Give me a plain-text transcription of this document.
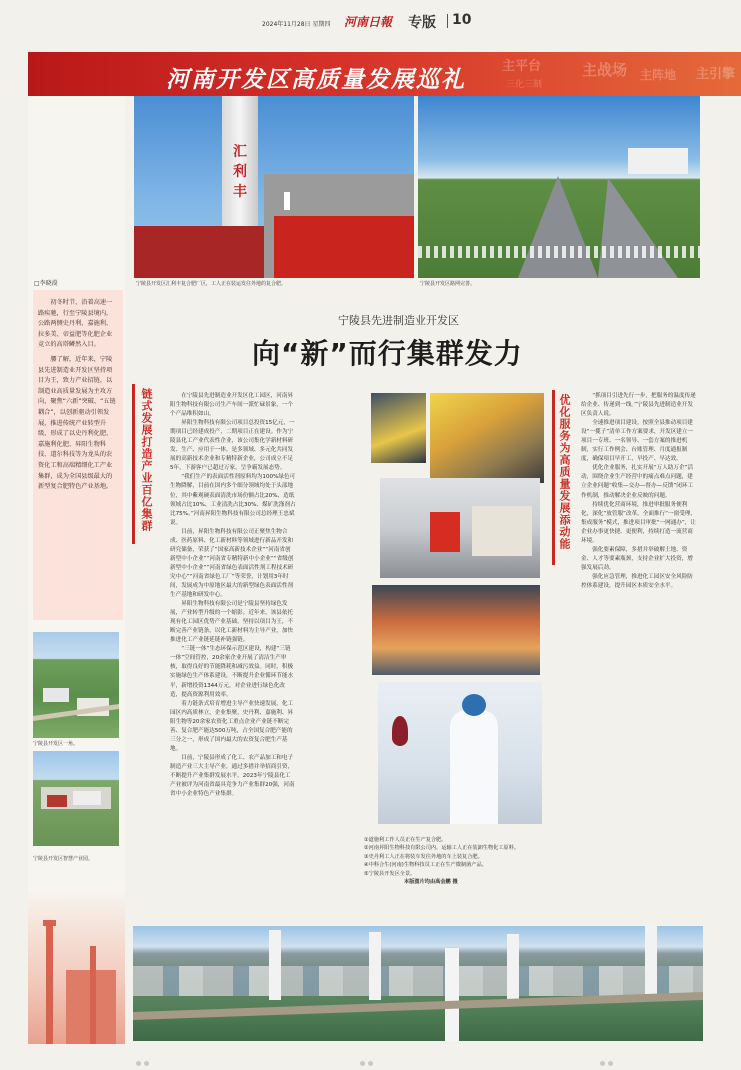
2024年11月28日 星期四 河南日報 专版 10
主平台	主战场 主阵地 主引擎
三化三制
河南开发区高质量发展巡礼
□李晓漠

初冬时节，沿着高速一路疾驰，行至宁陵县境内，公路两侧史丹利、嘉施利、拉多美、帝益肥等化肥企业竞立的高塔鳞然入目。

腰了解，近年来，宁陵县先进制造业开发区坚持项目为王，致力产业招链，以制造业高质量发展为主攻方向，聚焦“六新”突破、“五链耦合”，以创新驱动引领发展，推进传统产业转型升级，形成了以史丹利化肥、嘉施利化肥、昇阳生物科技、道尔科技等为龙头的农资化工和高端精细化工产业集群，成为全国县级最大的新型复合肥特色产业基地。

宁陵县开发区一角。
宁陵县开发区智慧产业园。
汇利丰
宁陵县开发区汇利丰复合肥厂区，工人正在装运发往外地的复合肥。	宁陵县开发区路网完善。
宁陵县先进制造业开发区
向“新”而行集群发力
链式发展打造产业百亿集群	在宁陵县先进制造业开发区化工园区，河南昇阳生物科技有限公司生产车间一派忙碌景象，一个个产品堆积如山。

昇阳生物科技有限公司项目总投资15亿元，一期项目已经建成投产，二期项目正在建设。作为宁陵县化工产业代表性企业，该公司集化学新材料研发、生产、应用于一体，是多领域、多元化共同发展的高新技术企业和专精特新企业，公司成立不足5年，下游客户已超过万家，呈争霸发展态势。

“我们生产的表面活性剂原料均为100%绿色可生物降解，目前在国内多个细分领域均处于头部地位，其中紫观硬表面清洗市场份额占比20%、造纸领域占比10%、工业清洗占比30%、煤矿洗涤剂占比75%。”河南昇阳生物科技有限公司总经理王忠斌说。

目前，昇阳生物科技有限公司正聚焦生物合成、医药原料、化工新材料等领域进行新品开发和研究储备，荣获了“国家高新技术企业”“河南省创新型中小企业”“河南省专精特新中小企业”“省级创新型中小企业”“河南省绿色表面活性剂工程技术研究中心”“河南省绿色工厂”等荣誉，计划用3年时间，发展成为中原地区最大的新型绿色表面活性剂生产基地和研发中心。

昇阳生物科技有限公司是宁陵县坚持绿色发展，产业转型升级的一个缩影。近年来，该县依托现有化工园区优势产业基础，坚持以项目为王，不断完善产业链条，以化工新材料为主导产业，加快推进化工产业链延链补链强链。

“三链一体”生态环保示范区建设，构建“三链一体”空间管控，20余家企业开展了清洁生产审核，取得良好的节能降耗和减污效益。同时，积极实施绿色生产体系建设，不断提升企业循环节能水平，新增投资1344万元，对企业进行绿色化改造，提高资源利用效率。

着力链条式培育增进主导产业快速发展，化工园区内高质林立，企业集聚，史丹利、嘉施利、昇阳生物等20余家农资化工重点企业产业链不断完善、复合肥产能达500万吨，占全国复合肥产能的三分之一，形成了国内最大的农资复合肥生产基地。

目前，宁陵县形成了化工、农产品加工和电子制造产业三大主导产业，通过多措并举招商引资，不断提升产业集群发展水平，2023年宁陵县化工产业被评为河南省最具竞争力产业集群20强，河南省中小企业特色产业集群。

①道施利工作人员正在生产复合肥。
②河南昇阳生物科技有限公司内，运输工人正在装卸生物化工原料。
③史丹利工人正在将装车发往外地的车上装复合肥。
④中科合生(河南)生物科技员工正在生产微制菌产品。
⑤宁陵县开发区全景。
本版图片均由高会鹏 摄
优化服务为高质量发展添动能	“抓项目引进先行一步，把服务的温度传递给企业、传递到一线。”宁陵县先进制造业开发区负责人说。

全速推进项目建设。按照全县推动项目建设“一揽子”清单工作方案要求，开发区建立一项目一专班、一名领导、一套方案的推进机制，实行工作例会、台账管理、月度通报制度，确保项目早开工、早投产、早达效。

优化企业服务，扎实开展“万人助万企”活动，围绕企业生产经营中的痛点难点问题，建立企业问题“收集—交办—督办—反馈”闭环工作机制，推动解决企业反映的问题。

持续优化营商环境，推进审批服务便利化，深化“放管服”改革，全面推行“一窗受理、集成服务”模式，推进项目审批“一网通办”，让企业办事更快捷、更便利，持续打造一流营商环境。

强化要素保障，多措并举破解土地、资金、人才等要素瓶颈，支持企业扩大投资，增强发展后劲。

强化应急管理，推进化工园区安全风险防控体系建设，提升园区本质安全水平。
